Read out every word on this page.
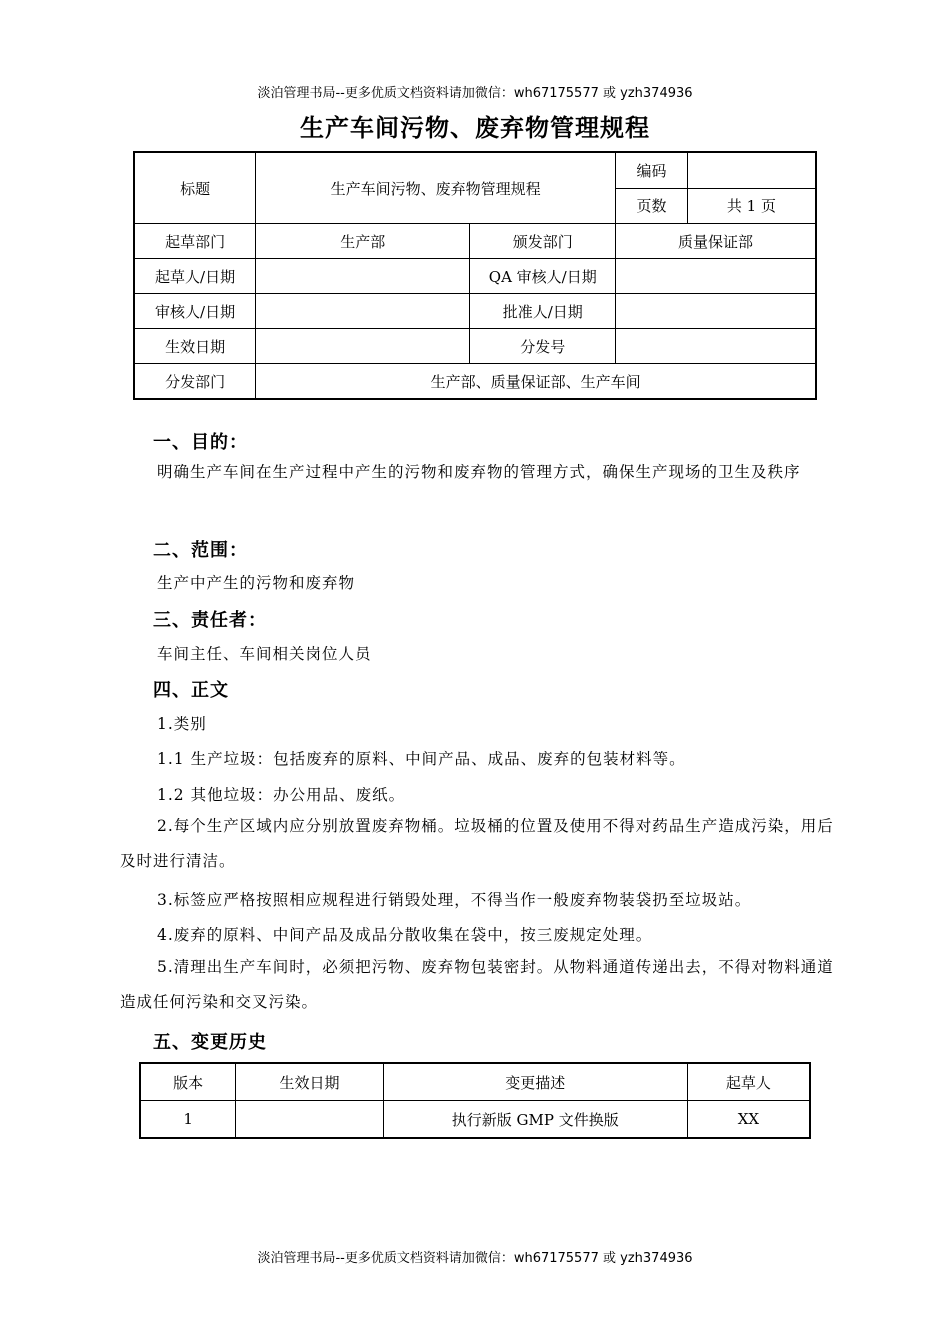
淡泊管理书局--更多优质文档资料请加微信：wh67175577 或 yzh374936
生产车间污物、废弃物管理规程
标题	生产车间污物、废弃物管理规程		编码	
			页数	共 1 页
起草部门	生产部	颁发部门	质量保证部	
起草人/日期		QA 审核人/日期		
审核人/日期		批准人/日期		
生效日期		分发号		
分发部门	生产部、质量保证部、生产车间			
一、目的：
明确生产车间在生产过程中产生的污物和废弃物的管理方式，确保生产现场的卫生及秩序
二、范围：
生产中产生的污物和废弃物
三、责任者：
车间主任、车间相关岗位人员
四、正文
1.类别
1.1 生产垃圾：包括废弃的原料、中间产品、成品、废弃的包装材料等。
1.2 其他垃圾：办公用品、废纸。
2.每个生产区域内应分别放置废弃物桶。垃圾桶的位置及使用不得对药品生产造成污染，用后及时进行清洁。
3.标签应严格按照相应规程进行销毁处理，不得当作一般废弃物装袋扔至垃圾站。
4.废弃的原料、中间产品及成品分散收集在袋中，按三废规定处理。
5.清理出生产车间时，必须把污物、废弃物包装密封。从物料通道传递出去，不得对物料通道造成任何污染和交叉污染。
五、变更历史
版本	生效日期	变更描述	起草人
1		执行新版 GMP 文件换版	XX
淡泊管理书局--更多优质文档资料请加微信：wh67175577 或 yzh374936
